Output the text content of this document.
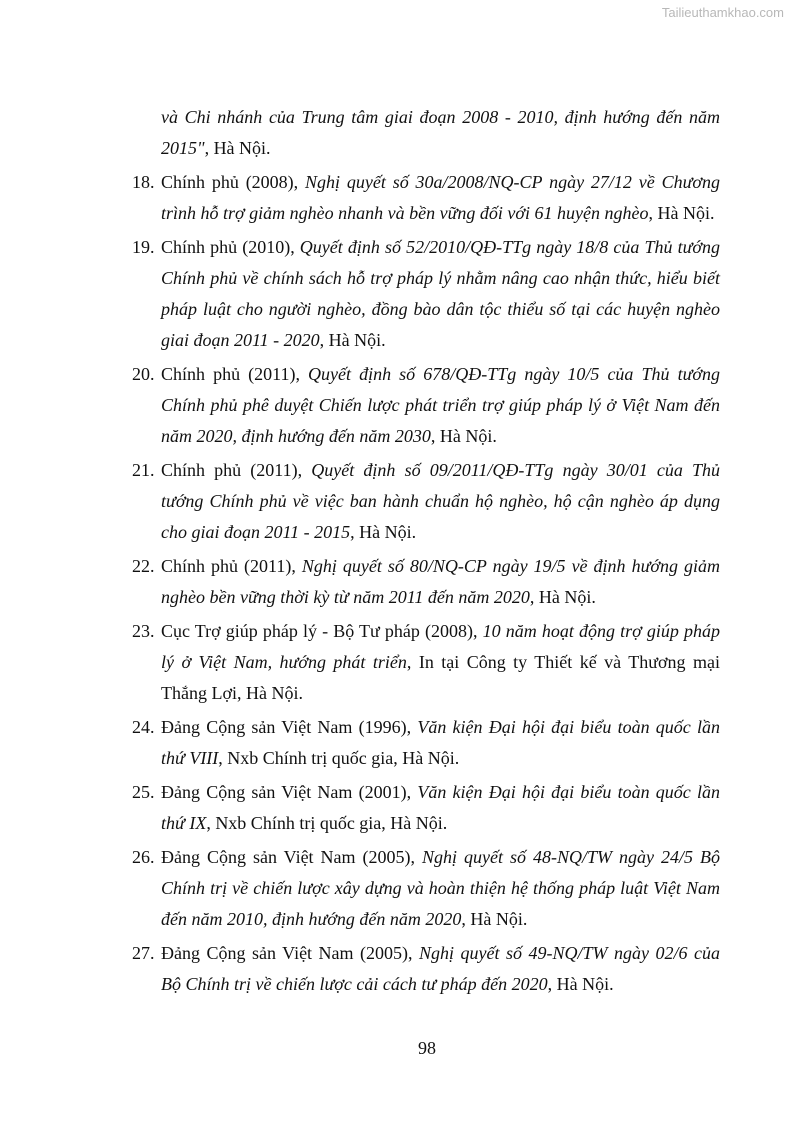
Tailieuthamkhao.com
và Chi nhánh của Trung tâm giai đoạn 2008 - 2010, định hướng đến năm 2015", Hà Nội.
18. Chính phủ (2008), Nghị quyết số 30a/2008/NQ-CP ngày 27/12 về Chương trình hỗ trợ giảm nghèo nhanh và bền vững đối với 61 huyện nghèo, Hà Nội.
19. Chính phủ (2010), Quyết định số 52/2010/QĐ-TTg ngày 18/8 của Thủ tướng Chính phủ về chính sách hỗ trợ pháp lý nhằm nâng cao nhận thức, hiểu biết pháp luật cho người nghèo, đồng bào dân tộc thiểu số tại các huyện nghèo giai đoạn 2011 - 2020, Hà Nội.
20. Chính phủ (2011), Quyết định số 678/QĐ-TTg ngày 10/5 của Thủ tướng Chính phủ phê duyệt Chiến lược phát triển trợ giúp pháp lý ở Việt Nam đến năm 2020, định hướng đến năm 2030, Hà Nội.
21. Chính phủ (2011), Quyết định số 09/2011/QĐ-TTg ngày 30/01 của Thủ tướng Chính phủ về việc ban hành chuẩn hộ nghèo, hộ cận nghèo áp dụng cho giai đoạn 2011 - 2015, Hà Nội.
22. Chính phủ (2011), Nghị quyết số 80/NQ-CP ngày 19/5 về định hướng giảm nghèo bền vững thời kỳ từ năm 2011 đến năm 2020, Hà Nội.
23. Cục Trợ giúp pháp lý - Bộ Tư pháp (2008), 10 năm hoạt động trợ giúp pháp lý ở Việt Nam, hướng phát triển, In tại Công ty Thiết kế và Thương mại Thắng Lợi, Hà Nội.
24. Đảng Cộng sản Việt Nam (1996), Văn kiện Đại hội đại biểu toàn quốc lần thứ VIII, Nxb Chính trị quốc gia, Hà Nội.
25. Đảng Cộng sản Việt Nam (2001), Văn kiện Đại hội đại biểu toàn quốc lần thứ IX, Nxb Chính trị quốc gia, Hà Nội.
26. Đảng Cộng sản Việt Nam (2005), Nghị quyết số 48-NQ/TW ngày 24/5 Bộ Chính trị về chiến lược xây dựng và hoàn thiện hệ thống pháp luật Việt Nam đến năm 2010, định hướng đến năm 2020, Hà Nội.
27. Đảng Cộng sản Việt Nam (2005), Nghị quyết số 49-NQ/TW ngày 02/6 của Bộ Chính trị về chiến lược cải cách tư pháp đến 2020, Hà Nội.
98
